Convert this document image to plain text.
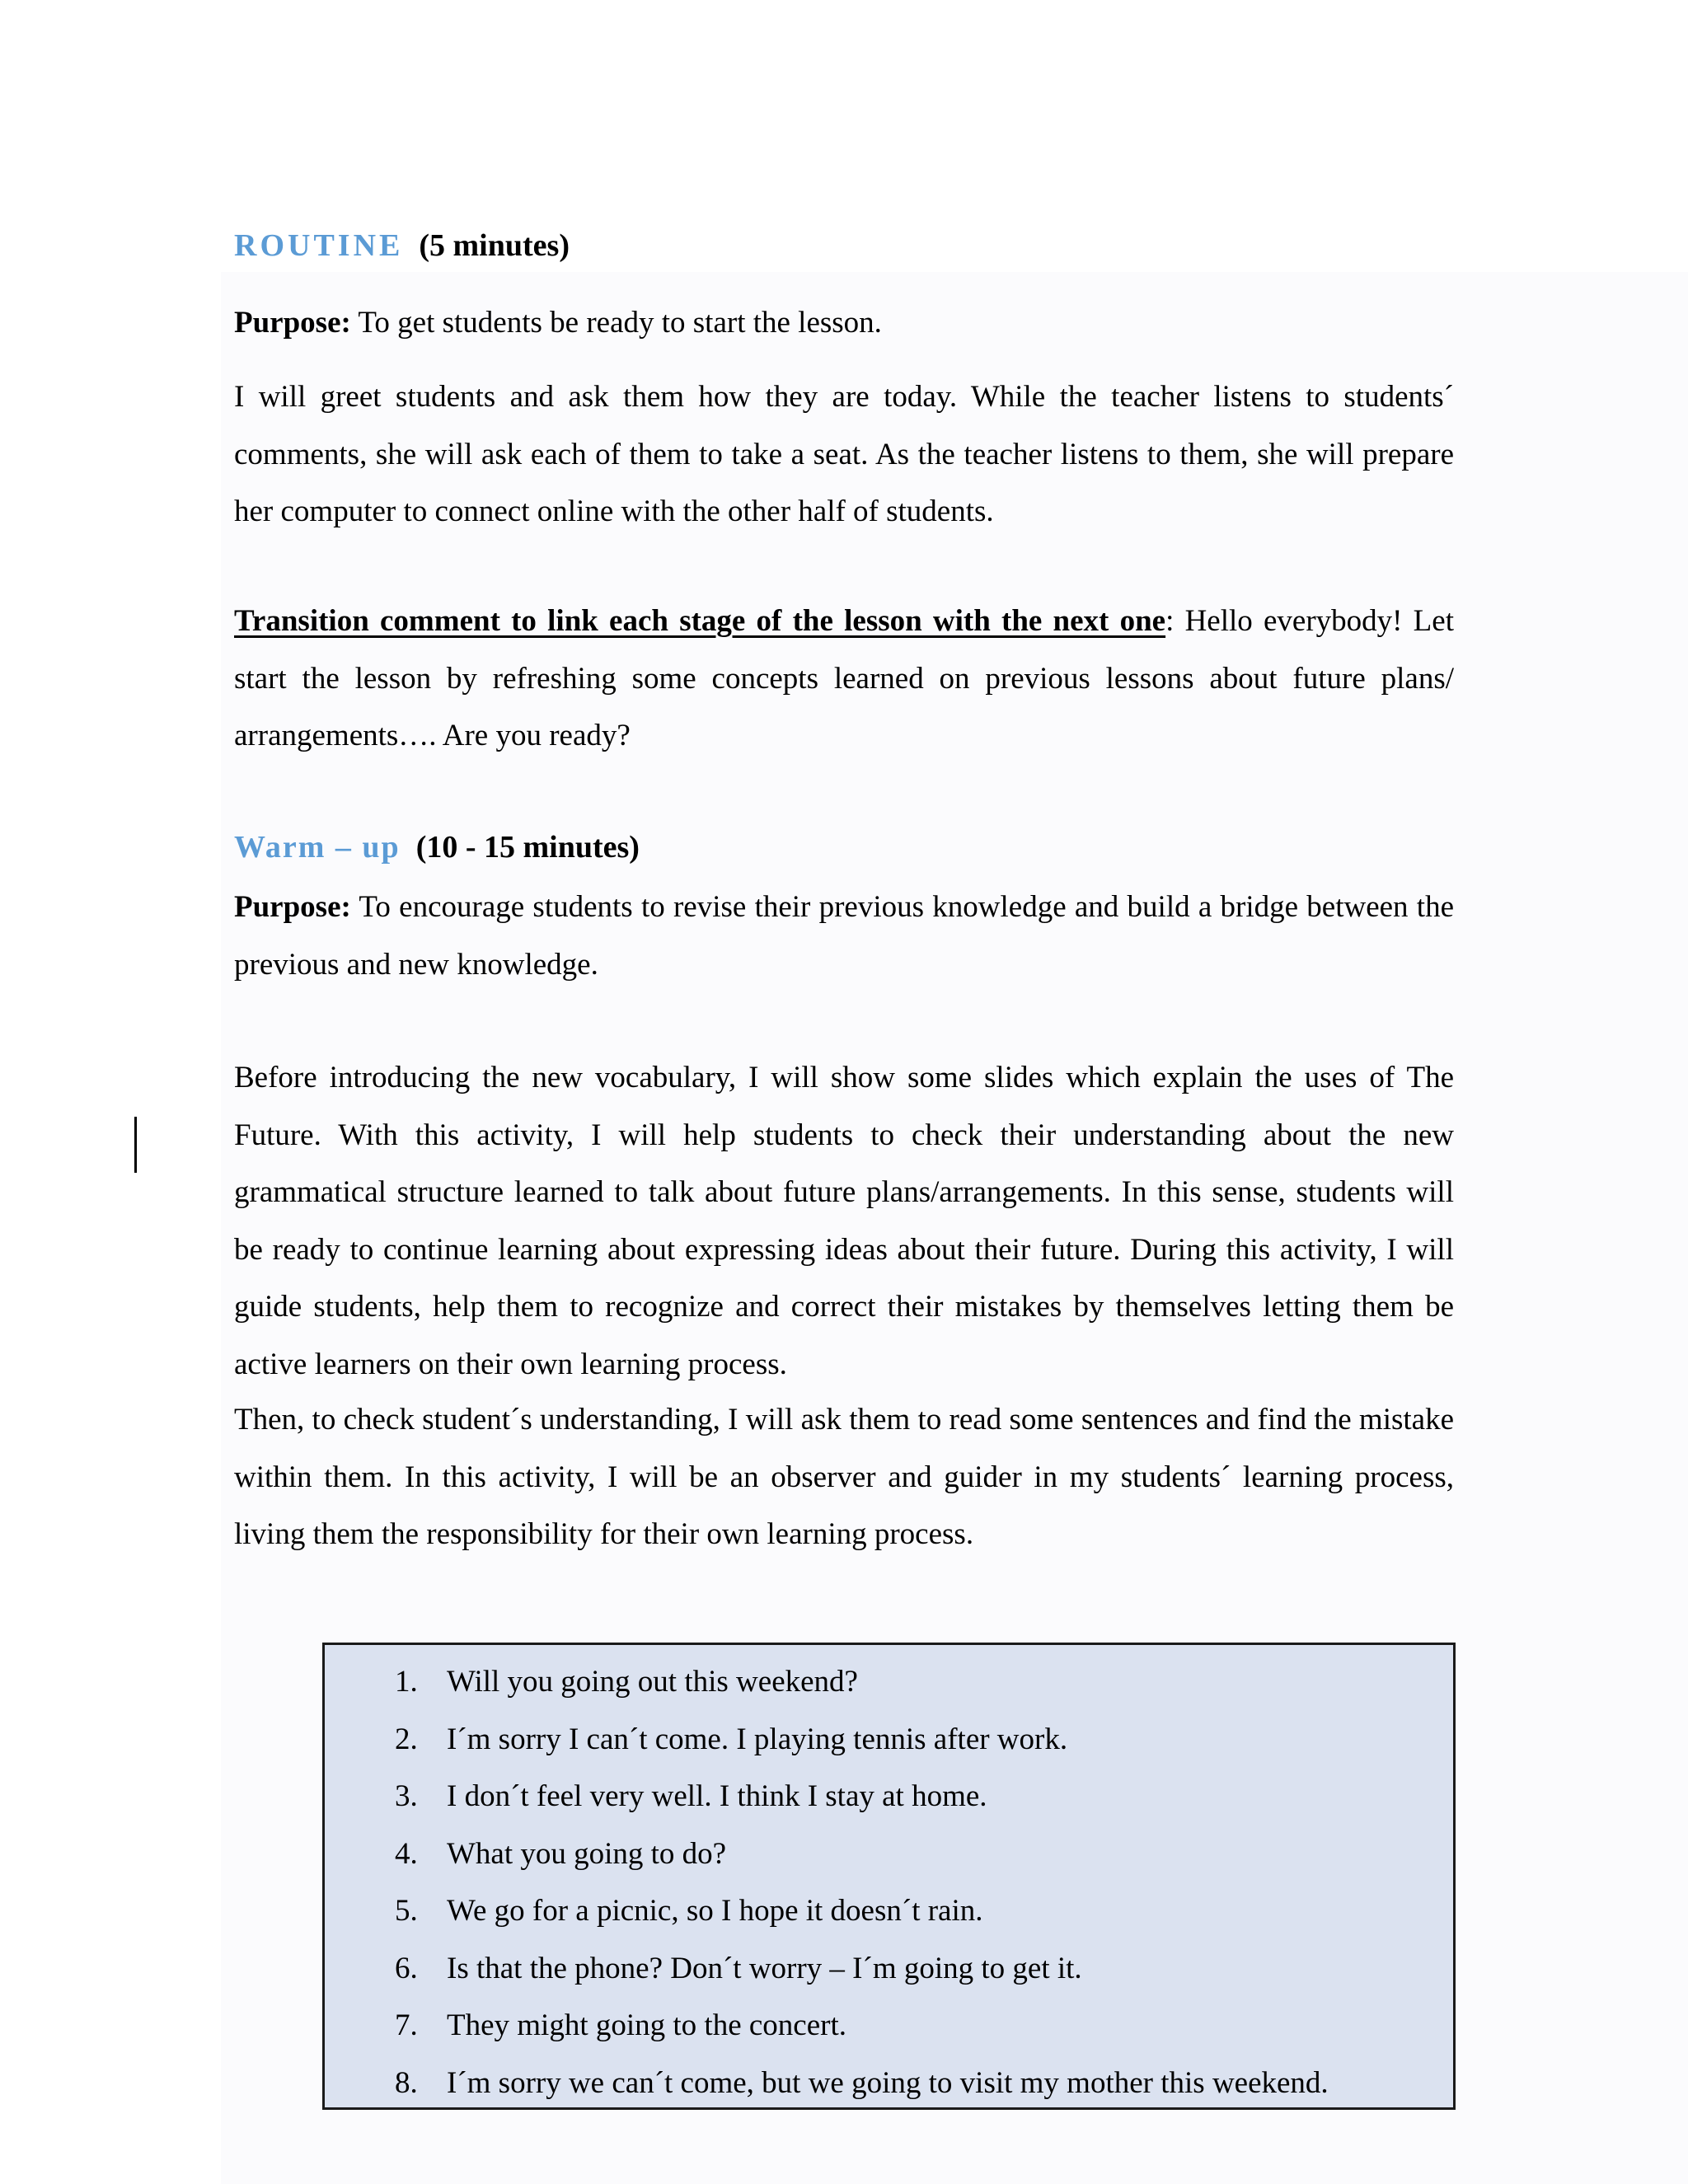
ROUTINE (5 minutes)

Purpose: To get students be ready to start the lesson.

I will greet students and ask them how they are today. While the teacher listens to students´ comments, she will ask each of them to take a seat. As the teacher listens to them, she will prepare her computer to connect online with the other half of students.

Transition comment to link each stage of the lesson with the next one: Hello everybody! Let start the lesson by refreshing some concepts learned on previous lessons about future plans/ arrangements…. Are you ready?

Warm – up (10 - 15 minutes)

Purpose: To encourage students to revise their previous knowledge and build a bridge between the previous and new knowledge.

Before introducing the new vocabulary, I will show some slides which explain the uses of The Future. With this activity, I will help students to check their understanding about the new grammatical structure learned to talk about future plans/arrangements. In this sense, students will be ready to continue learning about expressing ideas about their future. During this activity, I will guide students, help them to recognize and correct their mistakes by themselves letting them be active learners on their own learning process.

Then, to check student´s understanding, I will ask them to read some sentences and find the mistake within them. In this activity, I will be an observer and guider in my students´ learning process, living them the responsibility for their own learning process.

1. Will you going out this weekend?
2. I´m sorry I can´t come. I playing tennis after work.
3. I don´t feel very well. I think I stay at home.
4. What you going to do?
5. We go for a picnic, so I hope it doesn´t rain.
6. Is that the phone? Don´t worry – I´m going to get it.
7. They might going to the concert.
8. I´m sorry we can´t come, but we going to visit my mother this weekend.
